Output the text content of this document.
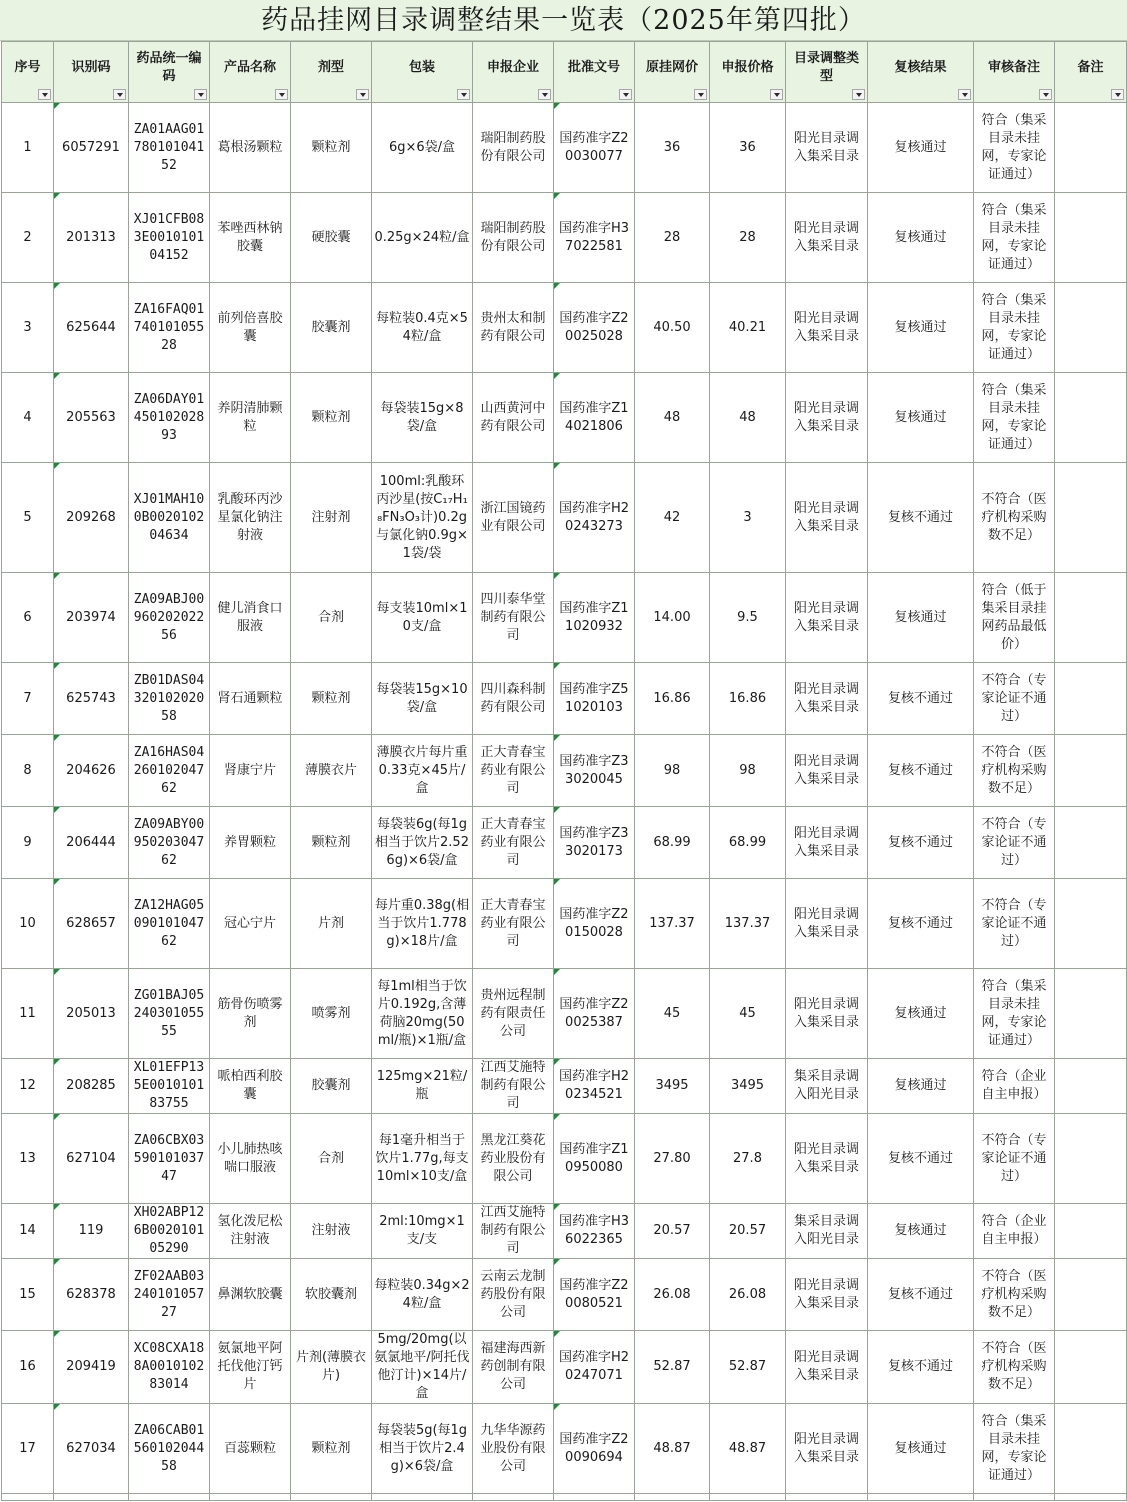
药品挂网目录调整结果一览表（2025年第四批）
序号	识别码	药品统一编码	产品名称	剂型	包装	申报企业	批准文号	原挂网价	申报价格	目录调整类型	复核结果	审核备注	备注

1	6057291	ZA01AAG01780101041 52	葛根汤颗粒	颗粒剂	6g×6袋/盒	瑞阳制药股份有限公司	国药准字Z20030077	36	36	阳光目录调入集采目录	复核通过	符合（集采目录未挂网，专家论证通过）	
2	201313	XJ01CFB083E0010101 04152	苯唑西林钠胶囊	硬胶囊	0.25g×24粒/盒	瑞阳制药股份有限公司	国药准字H37022581	28	28	阳光目录调入集采目录	复核通过	符合（集采目录未挂网，专家论证通过）	
3	625644	ZA16FAQ01740101055 28	前列倍喜胶囊	胶囊剂	每粒装0.4克×54粒/盒	贵州太和制药有限公司	国药准字Z20025028	40.50	40.21	阳光目录调入集采目录	复核通过	符合（集采目录未挂网，专家论证通过）	
4	205563	ZA06DAY01450102028 93	养阴清肺颗粒	颗粒剂	每袋装15g×8袋/盒	山西黄河中药有限公司	国药准字Z14021806	48	48	阳光目录调入集采目录	复核通过	符合（集采目录未挂网，专家论证通过）	
5	209268	XJ01MAH100B0020102 04634	乳酸环丙沙星氯化钠注射液	注射剂	100ml:乳酸环丙沙星(按C₁₇H₁₈FN₃O₃计)0.2g与氯化钠0.9g×1袋/袋	浙江国镜药业有限公司	国药准字H20243273	42	3	阳光目录调入集采目录	复核不通过	不符合（医疗机构采购数不足）	
6	203974	ZA09ABJ00960202022 56	健儿消食口服液	合剂	每支装10ml×10支/盒	四川泰华堂制药有限公司	国药准字Z11020932	14.00	9.5	阳光目录调入集采目录	复核通过	符合（低于集采目录挂网药品最低价）	
7	625743	ZB01DAS04320102020 58	肾石通颗粒	颗粒剂	每袋装15g×10袋/盒	四川森科制药有限公司	国药准字Z51020103	16.86	16.86	阳光目录调入集采目录	复核不通过	不符合（专家论证不通过）	
8	204626	ZA16HAS04260102047 62	肾康宁片	薄膜衣片	薄膜衣片每片重0.33克×45片/盒	正大青春宝药业有限公司	国药准字Z33020045	98	98	阳光目录调入集采目录	复核不通过	不符合（医疗机构采购数不足）	
9	206444	ZA09ABY00950203047 62	养胃颗粒	颗粒剂	每袋装6g(每1g相当于饮片2.526g)×6袋/盒	正大青春宝药业有限公司	国药准字Z33020173	68.99	68.99	阳光目录调入集采目录	复核不通过	不符合（专家论证不通过）	
10	628657	ZA12HAG05090101047 62	冠心宁片	片剂	每片重0.38g(相当于饮片1.778g)×18片/盒	正大青春宝药业有限公司	国药准字Z20150028	137.37	137.37	阳光目录调入集采目录	复核不通过	不符合（专家论证不通过）	
11	205013	ZG01BAJ05240301055 55	筋骨伤喷雾剂	喷雾剂	每1ml相当于饮片0.192g,含薄荷脑20mg(50ml/瓶)×1瓶/盒	贵州远程制药有限责任公司	国药准字Z20025387	45	45	阳光目录调入集采目录	复核通过	符合（集采目录未挂网，专家论证通过）	
12	208285	XL01EFP135E0010101 83755	哌柏西利胶囊	胶囊剂	125mg×21粒/瓶	江西艾施特制药有限公司	国药准字H20234521	3495	3495	集采目录调入阳光目录	复核通过	符合（企业自主申报）	
13	627104	ZA06CBX03590101037 47	小儿肺热咳喘口服液	合剂	每1毫升相当于饮片1.77g,每支10ml×10支/盒	黑龙江葵花药业股份有限公司	国药准字Z10950080	27.80	27.8	阳光目录调入集采目录	复核不通过	不符合（专家论证不通过）	
14	119	XH02ABP126B0020101 05290	氢化泼尼松注射液	注射液	2ml:10mg×1支/支	江西艾施特制药有限公司	国药准字H36022365	20.57	20.57	集采目录调入阳光目录	复核通过	符合（企业自主申报）	
15	628378	ZF02AAB03240101057 27	鼻渊软胶囊	软胶囊剂	每粒装0.34g×24粒/盒	云南云龙制药股份有限公司	国药准字Z20080521	26.08	26.08	阳光目录调入集采目录	复核不通过	不符合（医疗机构采购数不足）	
16	209419	XC08CXA188A0010102 83014	氨氯地平阿托伐他汀钙片	片剂(薄膜衣片)	5mg/20mg(以氨氯地平/阿托伐他汀计)×14片/盒	福建海西新药创制有限公司	国药准字H20247071	52.87	52.87	阳光目录调入集采目录	复核不通过	不符合（医疗机构采购数不足）	
17	627034	ZA06CAB01560102044 58	百蕊颗粒	颗粒剂	每袋装5g(每1g相当于饮片2.4g)×6袋/盒	九华华源药业股份有限公司	国药准字Z20090694	48.87	48.87	阳光目录调入集采目录	复核通过	符合（集采目录未挂网，专家论证通过）	
